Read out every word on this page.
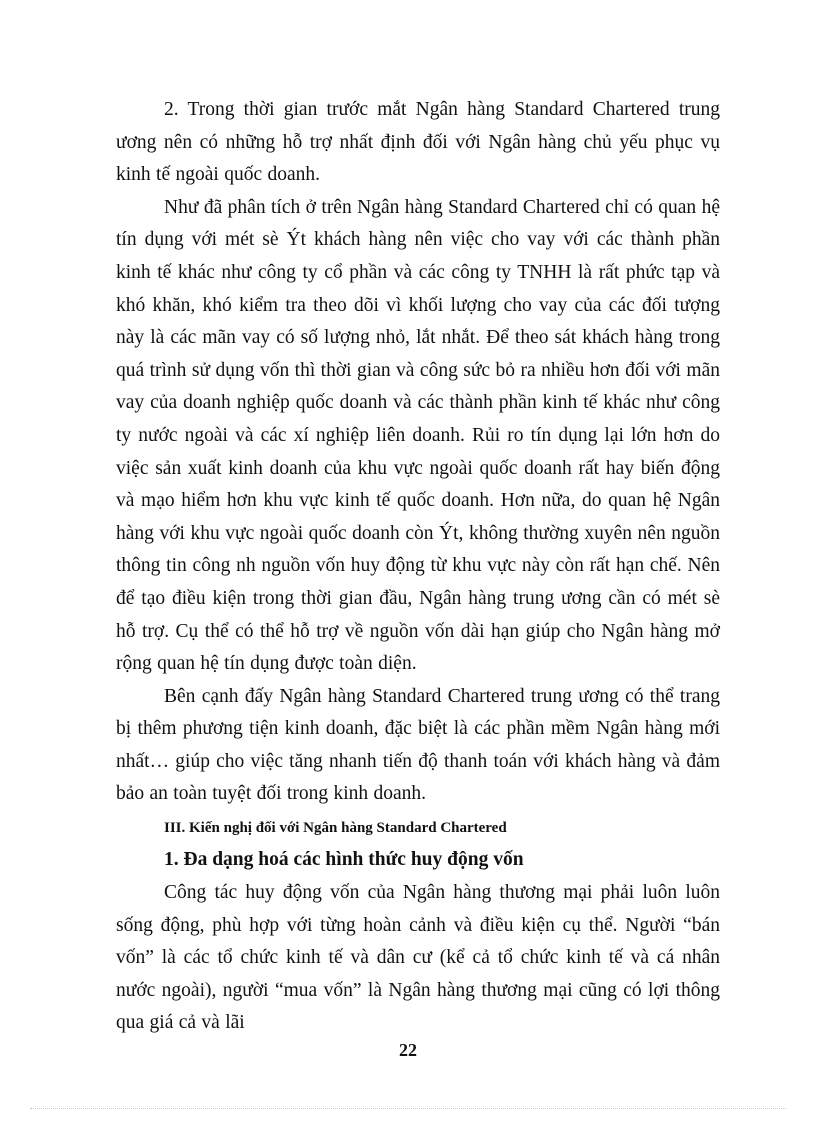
2. Trong thời gian trước mắt Ngân hàng Standard Chartered trung ương nên có những hỗ trợ nhất định đối với Ngân hàng chủ yếu phục vụ kinh tế ngoài quốc doanh.

Như đã phân tích ở trên Ngân hàng Standard Chartered chỉ có quan hệ tín dụng với mét sè Ýt khách hàng nên việc cho vay với các thành phần kinh tế khác như công ty cổ phần và các công ty TNHH là rất phức tạp và khó khăn, khó kiểm tra theo dõi vì khối lượng cho vay của các đối tượng này là các mãn vay có số lượng nhỏ, lắt nhắt. Để theo sát khách hàng trong quá trình sử dụng vốn thì thời gian và công sức bỏ ra nhiều hơn đối với mãn vay của doanh nghiệp quốc doanh và các thành phần kinh tế khác như công ty nước ngoài và các xí nghiệp liên doanh. Rủi ro tín dụng lại lớn hơn do việc sản xuất kinh doanh của khu vực ngoài quốc doanh rất hay biến động và mạo hiểm hơn khu vực kinh tế quốc doanh. Hơn nữa, do quan hệ Ngân hàng với khu vực ngoài quốc doanh còn Ýt, không thường xuyên nên nguồn thông tin công nh nguồn vốn huy động từ khu vực này còn rất hạn chế. Nên để tạo điều kiện trong thời gian đầu, Ngân hàng trung ương cần có mét sè hỗ trợ. Cụ thể có thể hỗ trợ về nguồn vốn dài hạn giúp cho Ngân hàng mở rộng quan hệ tín dụng được toàn diện.

Bên cạnh đấy Ngân hàng Standard Chartered trung ương có thể trang bị thêm phương tiện kinh doanh, đặc biệt là các phần mềm Ngân hàng mới nhất… giúp cho việc tăng nhanh tiến độ thanh toán với khách hàng và đảm bảo an toàn tuyệt đối trong kinh doanh.

III. Kiến nghị đối với Ngân hàng Standard Chartered
1. Đa dạng hoá các hình thức huy động vốn

Công tác huy động vốn của Ngân hàng thương mại phải luôn luôn sống động, phù hợp với từng hoàn cảnh và điều kiện cụ thể. Người “bán vốn” là các tổ chức kinh tế và dân cư (kể cả tổ chức kinh tế và cá nhân nước ngoài), người “mua vốn” là Ngân hàng thương mại cũng có lợi thông qua giá cả và lãi

22
